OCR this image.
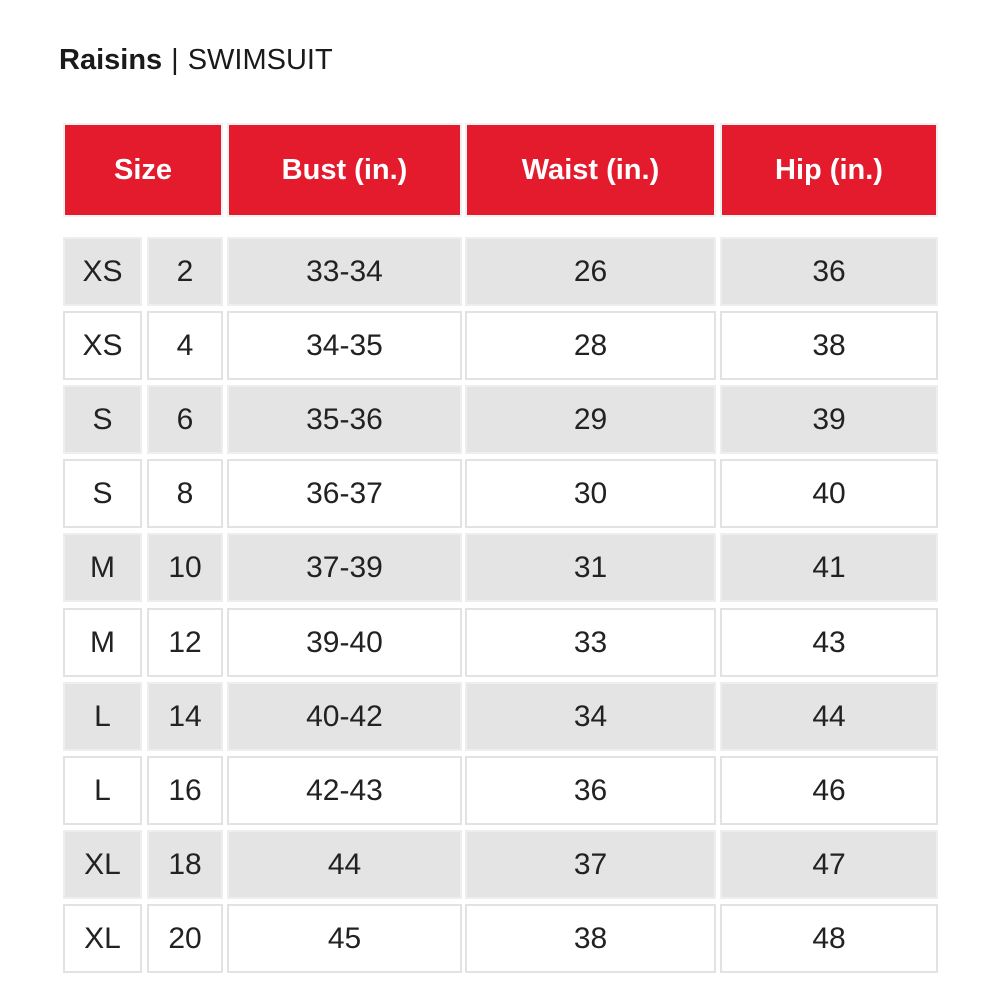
Raisins | SWIMSUIT
Size	Bust (in.)	Waist (in.)	Hip (in.)
XS	2	33-34	26	36
XS	4	34-35	28	38
S	6	35-36	29	39
S	8	36-37	30	40
M	10	37-39	31	41
M	12	39-40	33	43
L	14	40-42	34	44
L	16	42-43	36	46
XL	18	44	37	47
XL	20	45	38	48
